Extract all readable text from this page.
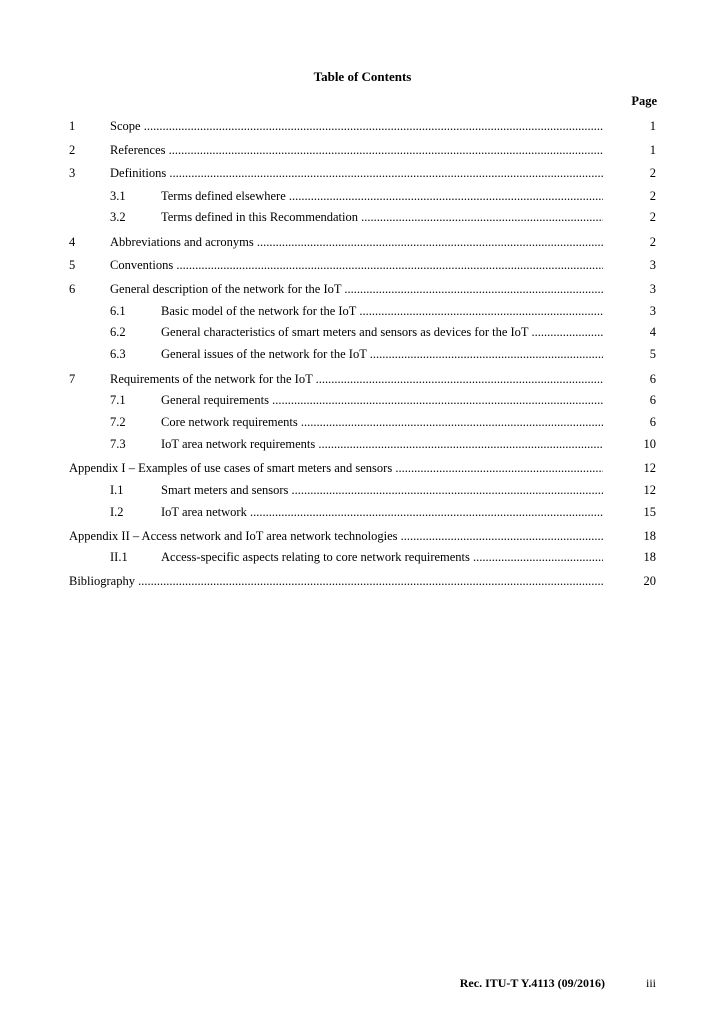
Table of Contents
Page
1	Scope .....	1
2	References .....	1
3	Definitions .....	2
3.1	Terms defined elsewhere .....	2
3.2	Terms defined in this Recommendation .....	2
4	Abbreviations and acronyms .....	2
5	Conventions .....	3
6	General description of the network for the IoT .....	3
6.1	Basic model of the network for the IoT .....	3
6.2	General characteristics of smart meters and sensors as devices for the IoT .....	4
6.3	General issues of the network for the IoT .....	5
7	Requirements of the network for the IoT .....	6
7.1	General requirements .....	6
7.2	Core network requirements .....	6
7.3	IoT area network requirements .....	10
Appendix I – Examples of use cases of smart meters and sensors .....	12
I.1	Smart meters and sensors .....	12
I.2	IoT area network .....	15
Appendix II – Access network and IoT area network technologies .....	18
II.1	Access-specific aspects relating to core network requirements .....	18
Bibliography .....	20
Rec. ITU-T Y.4113 (09/2016)	iii
